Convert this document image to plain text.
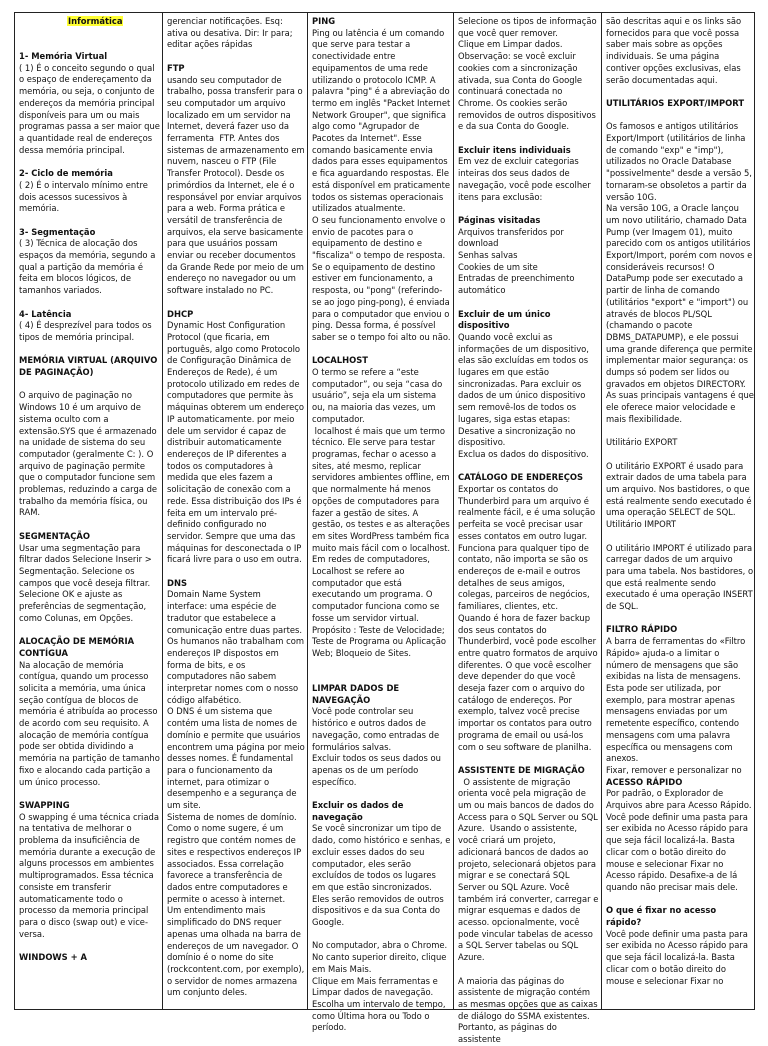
Informática

1- Memória Virtual

( 1) É o conceito segundo o qual o espaço de endereçamento da memória, ou seja, o conjunto de endereços da memória principal disponíveis para um ou mais programas passa a ser maior que a quantidade real de endereços dessa memória principal.

2- Ciclo de memória

( 2) É o intervalo mínimo entre dois acessos sucessivos à memória.

3- Segmentação

( 3) Técnica de alocação dos espaços da memória, segundo a qual a partição da memória é feita em blocos lógicos, de tamanhos variados.

4- Latência

( 4) É desprezível para todos os tipos de memória principal.

MEMÓRIA VIRTUAL (ARQUIVO DE PAGINAÇÃO)

O arquivo de paginação no Windows 10 é um arquivo de sistema oculto com a extensão.SYS que é armazenado na unidade de sistema do seu computador (geralmente C: ). O arquivo de paginação permite que o computador funcione sem problemas, reduzindo a carga de trabalho da memória física, ou RAM.

SEGMENTAÇÃO

Usar uma segmentação para filtrar dados Selecione Inserir > Segmentação. Selecione os campos que você deseja filtrar. Selecione OK e ajuste as preferências de segmentação, como Colunas, em Opções.

ALOCAÇÃO DE MEMÓRIA CONTÍGUA

Na alocação de memória contígua, quando um processo solicita a memória, uma única seção contígua de blocos de memória é atribuída ao processo de acordo com seu requisito. A alocação de memória contígua pode ser obtida dividindo a memória na partição de tamanho fixo e alocando cada partição a um único processo.

SWAPPING

O swapping é uma técnica criada na tentativa de melhorar o problema da insuficiência de memória durante a execução de alguns processos em ambientes multiprogramados. Essa técnica consiste em transferir automaticamente todo o processo da memoria principal para o disco (swap out) e vice-versa.

WINDOWS + A

gerenciar notificações. Esq: ativa ou desativa. Dir: Ir para; editar ações rápidas

FTP

usando seu computador de trabalho, possa transferir para o seu computador um arquivo localizado em um servidor na Internet, deverá fazer uso da ferramenta  FTP. Antes dos sistemas de armazenamento em nuvem, nasceu o FTP (File Transfer Protocol). Desde os primórdios da Internet, ele é o responsável por enviar arquivos para a web. Forma prática e versátil de transferência de arquivos, ela serve basicamente para que usuários possam enviar ou receber documentos da Grande Rede por meio de um endereço no navegador ou um software instalado no PC.

DHCP

Dynamic Host Configuration Protocol (que ficaria, em português, algo como Protocolo de Configuração Dinâmica de Endereços de Rede), é um protocolo utilizado em redes de computadores que permite às máquinas obterem um endereço IP automaticamente. por meio dele um servidor é capaz de distribuir automaticamente endereços de IP diferentes a todos os computadores à medida que eles fazem a solicitação de conexão com a rede. Essa distribuição dos IPs é feita em um intervalo pré-definido configurado no servidor. Sempre que uma das máquinas for desconectada o IP ficará livre para o uso em outra.

DNS

Domain Name System
interface: uma espécie de tradutor que estabelece a comunicação entre duas partes. Os humanos não trabalham com endereços IP dispostos em forma de bits, e os computadores não sabem interpretar nomes com o nosso código alfabético.
O DNS é um sistema que contém uma lista de nomes de domínio e permite que usuários encontrem uma página por meio desses nomes. É fundamental para o funcionamento da internet, para otimizar o desempenho e a segurança de um site.
Sistema de nomes de domínio. Como o nome sugere, é um registro que contém nomes de sites e respectivos endereços IP associados. Essa correlação favorece a transferência de dados entre computadores e permite o acesso à internet.
Um entendimento mais simplificado do DNS requer apenas uma olhada na barra de endereços de um navegador. O domínio é o nome do site (rockcontent.com, por exemplo), o servidor de nomes armazena um conjunto deles.

PING

Ping ou latência é um comando que serve para testar a conectividade entre equipamentos de uma rede utilizando o protocolo ICMP. A palavra "ping" é a abreviação do termo em inglês "Packet Internet Network Grouper", que significa algo como "Agrupador de Pacotes da Internet". Esse comando basicamente envia dados para esses equipamentos e fica aguardando respostas. Ele está disponível em praticamente todos os sistemas operacionais utilizados atualmente.
O seu funcionamento envolve o envio de pacotes para o equipamento de destino e "fiscaliza" o tempo de resposta. Se o equipamento de destino estiver em funcionamento, a resposta, ou "pong" (referindo-se ao jogo ping-pong), é enviada para o computador que enviou o ping. Dessa forma, é possível saber se o tempo foi alto ou não.

LOCALHOST

O termo se refere a “este computador”, ou seja “casa do usuário”, seja ela um sistema ou, na maioria das vezes, um computador.
localhost é mais que um termo técnico. Ele serve para testar programas, fechar o acesso a sites, até mesmo, replicar servidores ambientes offline, em que normalmente há menos opções de computadores para fazer a gestão de sites. A gestão, os testes e as alterações em sites WordPress também fica muito mais fácil com o localhost.
Em redes de computadores, Localhost se refere ao computador que está executando um programa. O computador funciona como se fosse um servidor virtual.
Propósito : Teste de Velocidade; Teste de Programa ou Aplicação Web; Bloqueio de Sites.

LIMPAR DADOS DE NAVEGAÇÃO

Você pode controlar seu histórico e outros dados de navegação, como entradas de formulários salvas.
Excluir todos os seus dados ou apenas os de um período específico.

Excluir os dados de navegação

Se você sincronizar um tipo de dado, como histórico e senhas, e excluir esses dados do seu computador, eles serão excluídos de todos os lugares em que estão sincronizados. Eles serão removidos de outros dispositivos e da sua Conta do Google.

No computador, abra o Chrome.
No canto superior direito, clique em Mais Mais.
Clique em Mais ferramentas e Limpar dados de navegação.
Escolha um intervalo de tempo, como Última hora ou Todo o período.

Selecione os tipos de informação que você quer remover.
Clique em Limpar dados.
Observação: se você excluir cookies com a sincronização ativada, sua Conta do Google continuará conectada no Chrome. Os cookies serão removidos de outros dispositivos e da sua Conta do Google.

Excluir itens individuais

Em vez de excluir categorias inteiras dos seus dados de navegação, você pode escolher itens para exclusão:

Páginas visitadas

Arquivos transferidos por download
Senhas salvas
Cookies de um site
Entradas de preenchimento automático

Excluir de um único dispositivo

Quando você exclui as informações de um dispositivo, elas são excluídas em todos os lugares em que estão sincronizadas. Para excluir os dados de um único dispositivo sem removê-los de todos os lugares, siga estas etapas:
Desative a sincronização no dispositivo.
Exclua os dados do dispositivo.

CATÁLOGO DE ENDEREÇOS

Exportar os contatos do Thunderbird para um arquivo é realmente fácil, e é uma solução perfeita se você precisar usar esses contatos em outro lugar. Funciona para qualquer tipo de contato, não importa se são os endereços de e-mail e outros detalhes de seus amigos, colegas, parceiros de negócios, familiares, clientes, etc.
Quando é hora de fazer backup dos seus contatos do Thunderbird, você pode escolher entre quatro formatos de arquivo diferentes. O que você escolher deve depender do que você deseja fazer com o arquivo do catálogo de endereços. Por exemplo, talvez você precise importar os contatos para outro programa de email ou usá-los com o seu software de planilha.

ASSISTENTE DE MIGRAÇÃO

O assistente de migração orienta você pela migração de um ou mais bancos de dados do Access para o SQL Server ou SQL Azure.  Usando o assistente, você criará um projeto, adicionará bancos de dados ao projeto, selecionará objetos para migrar e se conectará SQL Server ou SQL Azure. Você também irá converter, carregar e migrar esquemas e dados de acesso. opcionalmente, você pode vincular tabelas de acesso a SQL Server tabelas ou SQL Azure.

A maioria das páginas do assistente de migração contém as mesmas opções que as caixas de diálogo do SSMA existentes. Portanto, as páginas do assistente

são descritas aqui e os links são fornecidos para que você possa saber mais sobre as opções individuais. Se uma página contiver opções exclusivas, elas serão documentadas aqui.

UTILITÁRIOS EXPORT/IMPORT

Os famosos e antigos utilitários Export/Import (utilitários de linha de comando "exp" e "imp"), utilizados no Oracle Database "possivelmente" desde a versão 5, tornaram-se obsoletos a partir da versão 10G.
Na versão 10G, a Oracle lançou um novo utilitário, chamado Data Pump (ver Imagem 01), muito parecido com os antigos utilitários Export/Import, porém com novos e consideráveis recursos! O DataPump pode ser executado a partir de linha de comando (utilitários "export" e "import") ou através de blocos PL/SQL (chamando o pacote DBMS_DATAPUMP), e ele possui uma grande diferença que permite implementar maior segurança: os dumps só podem ser lidos ou gravados em objetos DIRECTORY. As suas principais vantagens é que ele oferece maior velocidade e mais flexibilidade.

Utilitário EXPORT

O utilitário EXPORT é usado para extrair dados de uma tabela para um arquivo. Nos bastidores, o que está realmente sendo executado é uma operação SELECT de SQL.
Utilitário IMPORT

O utilitário IMPORT é utilizado para carregar dados de um arquivo para uma tabela. Nos bastidores, o que está realmente sendo executado é uma operação INSERT de SQL.

FILTRO RÁPIDO

A barra de ferramentas do «Filtro Rápido» ajuda-o a limitar o número de mensagens que são exibidas na lista de mensagens. Esta pode ser utilizada, por exemplo, para mostrar apenas mensagens enviadas por um remetente específico, contendo mensagens com uma palavra específica ou mensagens com anexos.
Fixar, remover e personalizar no

ACESSO RÁPIDO

Por padrão, o Explorador de Arquivos abre para Acesso Rápido. Você pode definir uma pasta para ser exibida no Acesso rápido para que seja fácil localizá-la. Basta clicar com o botão direito do mouse e selecionar Fixar no Acesso rápido. Desafixe-a de lá quando não precisar mais dele.

O que é fixar no acesso rápido?

Você pode definir uma pasta para ser exibida no Acesso rápido para que seja fácil localizá-la. Basta clicar com o botão direito do mouse e selecionar Fixar no
